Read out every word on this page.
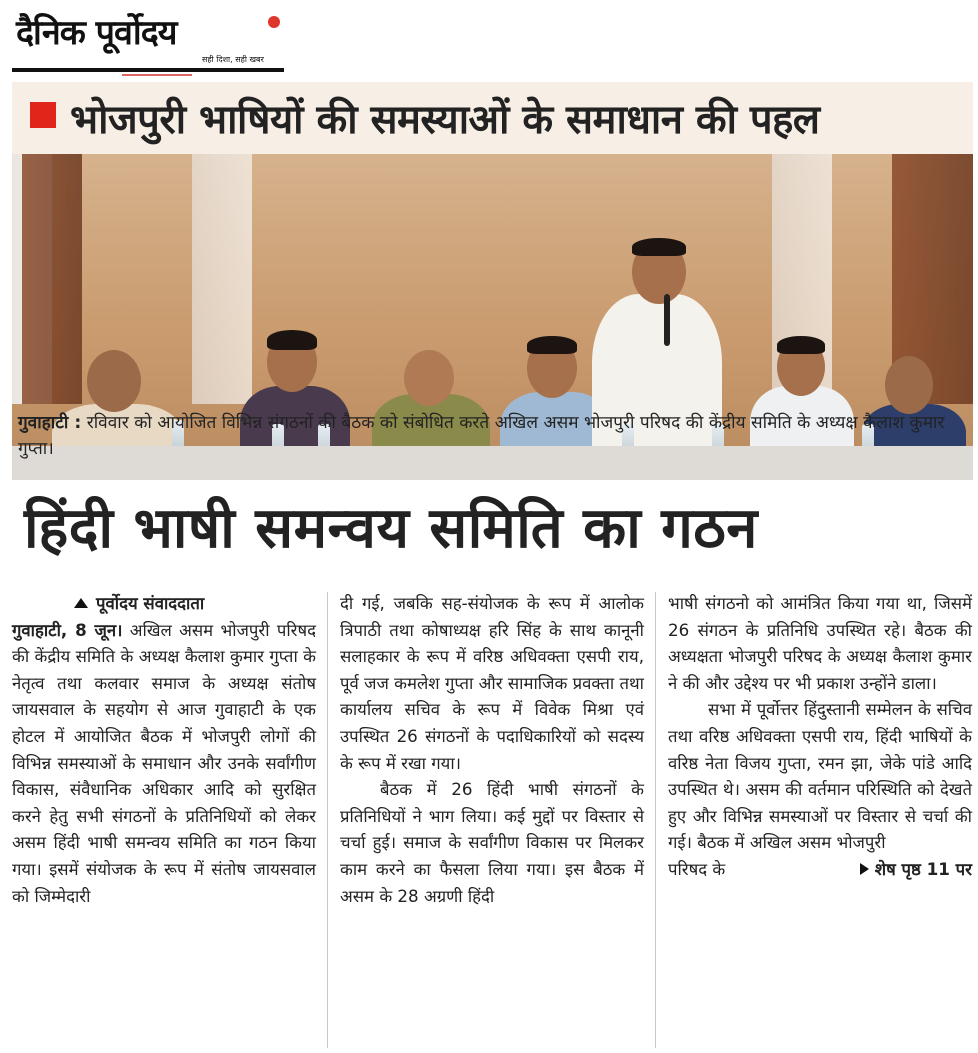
दैनिक पूर्वोदय
सही दिशा, सही खबर
भोजपुरी भाषियों की समस्याओं के समाधान की पहल
गुवाहाटी : रविवार को आयोजित विभिन्न संगठनों की बैठक को संबोधित करते अखिल असम भोजपुरी परिषद की केंद्रीय समिति के अध्यक्ष कैलाश कुमार गुप्ता।
हिंदी भाषी समन्वय समिति का गठन
पूर्वोदय संवाददाता
गुवाहाटी, 8 जून। अखिल असम भोजपुरी परिषद की केंद्रीय समिति के अध्यक्ष कैलाश कुमार गुप्ता के नेतृत्व तथा कलवार समाज के अध्यक्ष संतोष जायसवाल के सहयोग से आज गुवाहाटी के एक होटल में आयोजित बैठक में भोजपुरी लोगों की विभिन्न समस्याओं के समाधान और उनके सर्वांगीण विकास, संवैधानिक अधिकार आदि को सुरक्षित करने हेतु सभी संगठनों के प्रतिनिधियों को लेकर असम हिंदी भाषी समन्वय समिति का गठन किया गया। इसमें संयोजक के रूप में संतोष जायसवाल को जिम्मेदारी
दी गई, जबकि सह-संयोजक के रूप में आलोक त्रिपाठी तथा कोषाध्यक्ष हरि सिंह के साथ कानूनी सलाहकार के रूप में वरिष्ठ अधिवक्ता एसपी राय, पूर्व जज कमलेश गुप्ता और सामाजिक प्रवक्ता तथा कार्यालय सचिव के रूप में विवेक मिश्रा एवं उपस्थित 26 संगठनों के पदाधिकारियों को सदस्य के रूप में रखा गया।
बैठक में 26 हिंदी भाषी संगठनों के प्रतिनिधियों ने भाग लिया। कई मुद्दों पर विस्तार से चर्चा हुई। समाज के सर्वांगीण विकास पर मिलकर काम करने का फैसला लिया गया। इस बैठक में असम के 28 अग्रणी हिंदी
भाषी संगठनो को आमंत्रित किया गया था, जिसमें 26 संगठन के प्रतिनिधि उपस्थित रहे। बैठक की अध्यक्षता भोजपुरी परिषद के अध्यक्ष कैलाश कुमार ने की और उद्देश्य पर भी प्रकाश उन्होंने डाला।
सभा में पूर्वोत्तर हिंदुस्तानी सम्मेलन के सचिव तथा वरिष्ठ अधिवक्ता एसपी राय, हिंदी भाषियों के वरिष्ठ नेता विजय गुप्ता, रमन झा, जेके पांडे आदि उपस्थित थे। असम की वर्तमान परिस्थिति को देखते हुए और विभिन्न समस्याओं पर विस्तार से चर्चा की गई। बैठक में अखिल असम भोजपुरी
परिषद के	शेष पृष्ठ 11 पर
